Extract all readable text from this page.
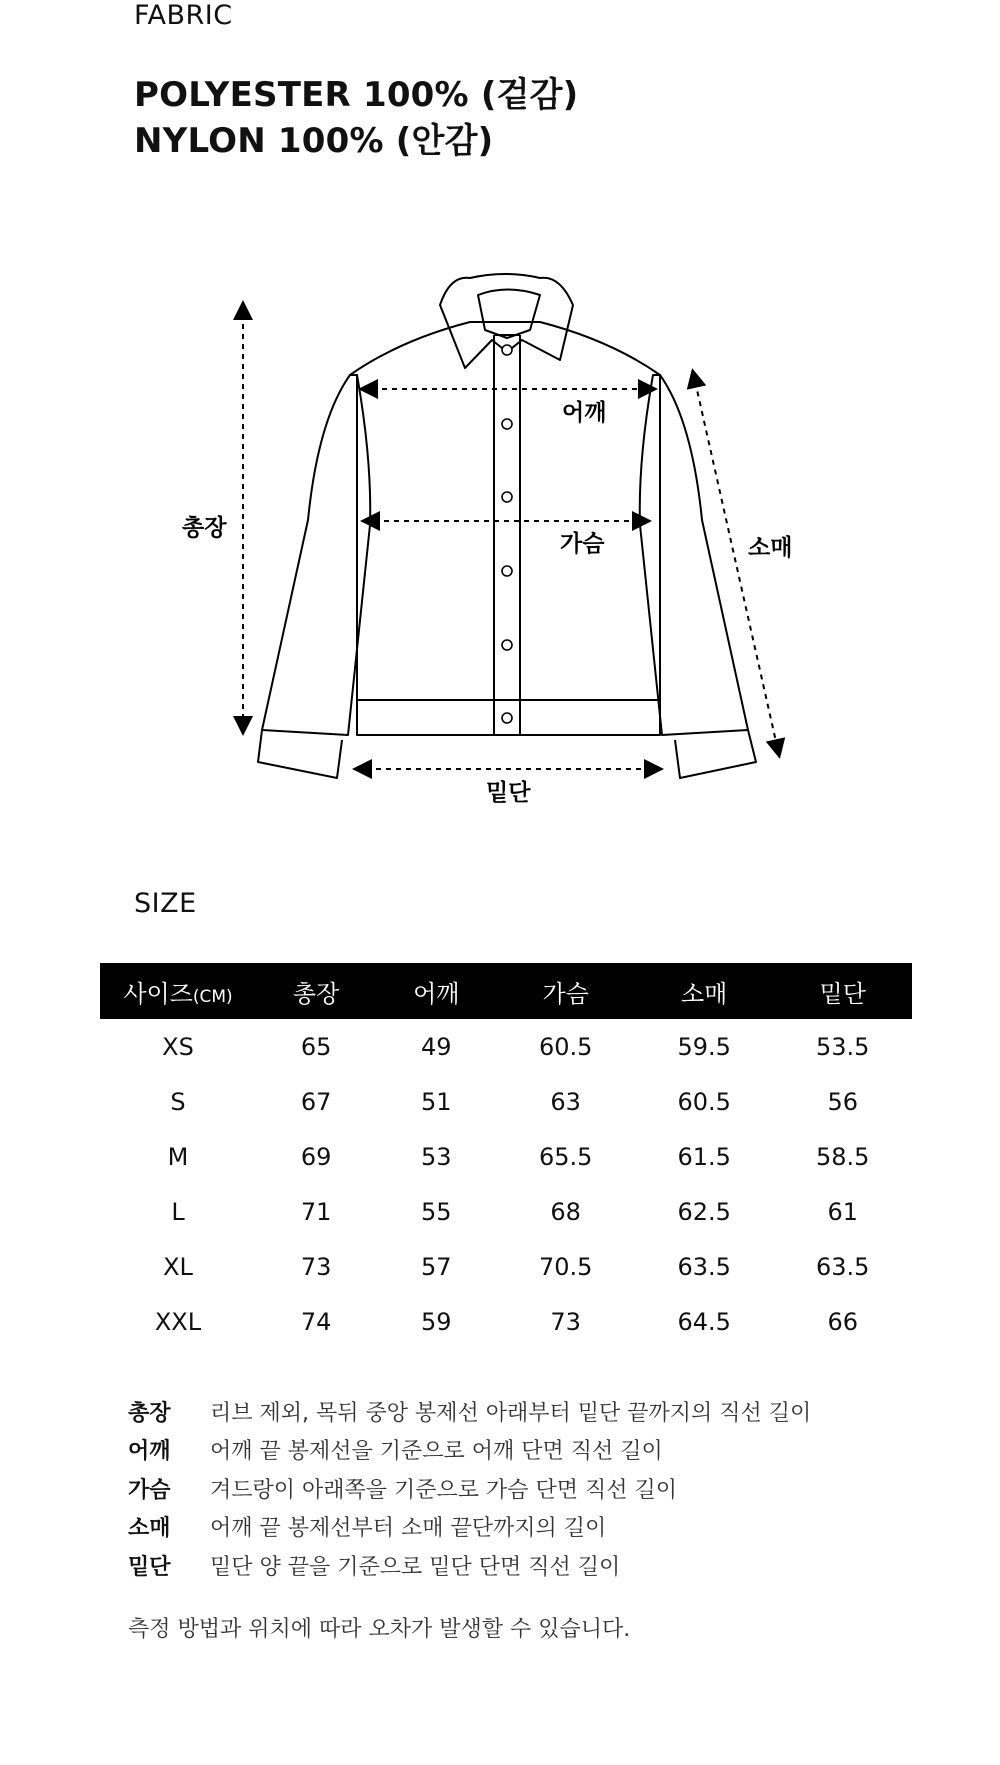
FABRIC
POLYESTER 100% (겉감)
NYLON 100% (안감)
총장
어깨
가슴	소매
밑단
SIZE
사이즈(CM)	총장	어깨	가슴	소매	밑단
XS	65	49	60.5	59.5	53.5
S	67	51	63	60.5	56
M	69	53	65.5	61.5	58.5
L	71	55	68	62.5	61
XL	73	57	70.5	63.5	63.5
XXL	74	59	73	64.5	66
총장	리브 제외, 목뒤 중앙 봉제선 아래부터 밑단 끝까지의 직선 길이
어깨	어깨 끝 봉제선을 기준으로 어깨 단면 직선 길이
가슴	겨드랑이 아래쪽을 기준으로 가슴 단면 직선 길이
소매	어깨 끝 봉제선부터 소매 끝단까지의 길이
밑단	밑단 양 끝을 기준으로 밑단 단면 직선 길이
측정 방법과 위치에 따라 오차가 발생할 수 있습니다.
